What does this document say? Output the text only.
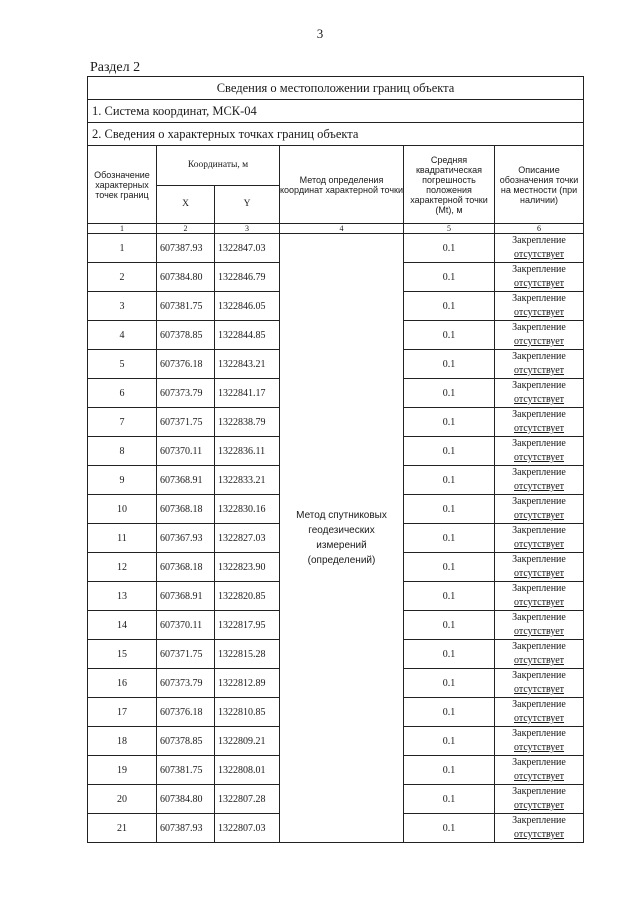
3
Раздел 2
Сведения о местоположении границ объекта					
1. Система координат, МСК-04					
2. Сведения о характерных точках границ объекта					
Обозначение характерных точек границ	Координаты, м		Метод определения координат характерной точки	Средняя квадратическая погрешность положения характерной точки (Mt), м	Описание обозначения точки на местности (при наличии)
	X	Y			
1	2	3	4	5	6
1	607387.93	1322847.03	Метод спутниковых
геодезических
измерений
(определений)	0.1	Закрепление
отсутствует
2	607384.80	1322846.79		0.1	Закрепление
отсутствует
3	607381.75	1322846.05		0.1	Закрепление
отсутствует
4	607378.85	1322844.85		0.1	Закрепление
отсутствует
5	607376.18	1322843.21		0.1	Закрепление
отсутствует
6	607373.79	1322841.17		0.1	Закрепление
отсутствует
7	607371.75	1322838.79		0.1	Закрепление
отсутствует
8	607370.11	1322836.11		0.1	Закрепление
отсутствует
9	607368.91	1322833.21		0.1	Закрепление
отсутствует
10	607368.18	1322830.16		0.1	Закрепление
отсутствует
11	607367.93	1322827.03		0.1	Закрепление
отсутствует
12	607368.18	1322823.90		0.1	Закрепление
отсутствует
13	607368.91	1322820.85		0.1	Закрепление
отсутствует
14	607370.11	1322817.95		0.1	Закрепление
отсутствует
15	607371.75	1322815.28		0.1	Закрепление
отсутствует
16	607373.79	1322812.89		0.1	Закрепление
отсутствует
17	607376.18	1322810.85		0.1	Закрепление
отсутствует
18	607378.85	1322809.21		0.1	Закрепление
отсутствует
19	607381.75	1322808.01		0.1	Закрепление
отсутствует
20	607384.80	1322807.28		0.1	Закрепление
отсутствует
21	607387.93	1322807.03		0.1	Закрепление
отсутствует
